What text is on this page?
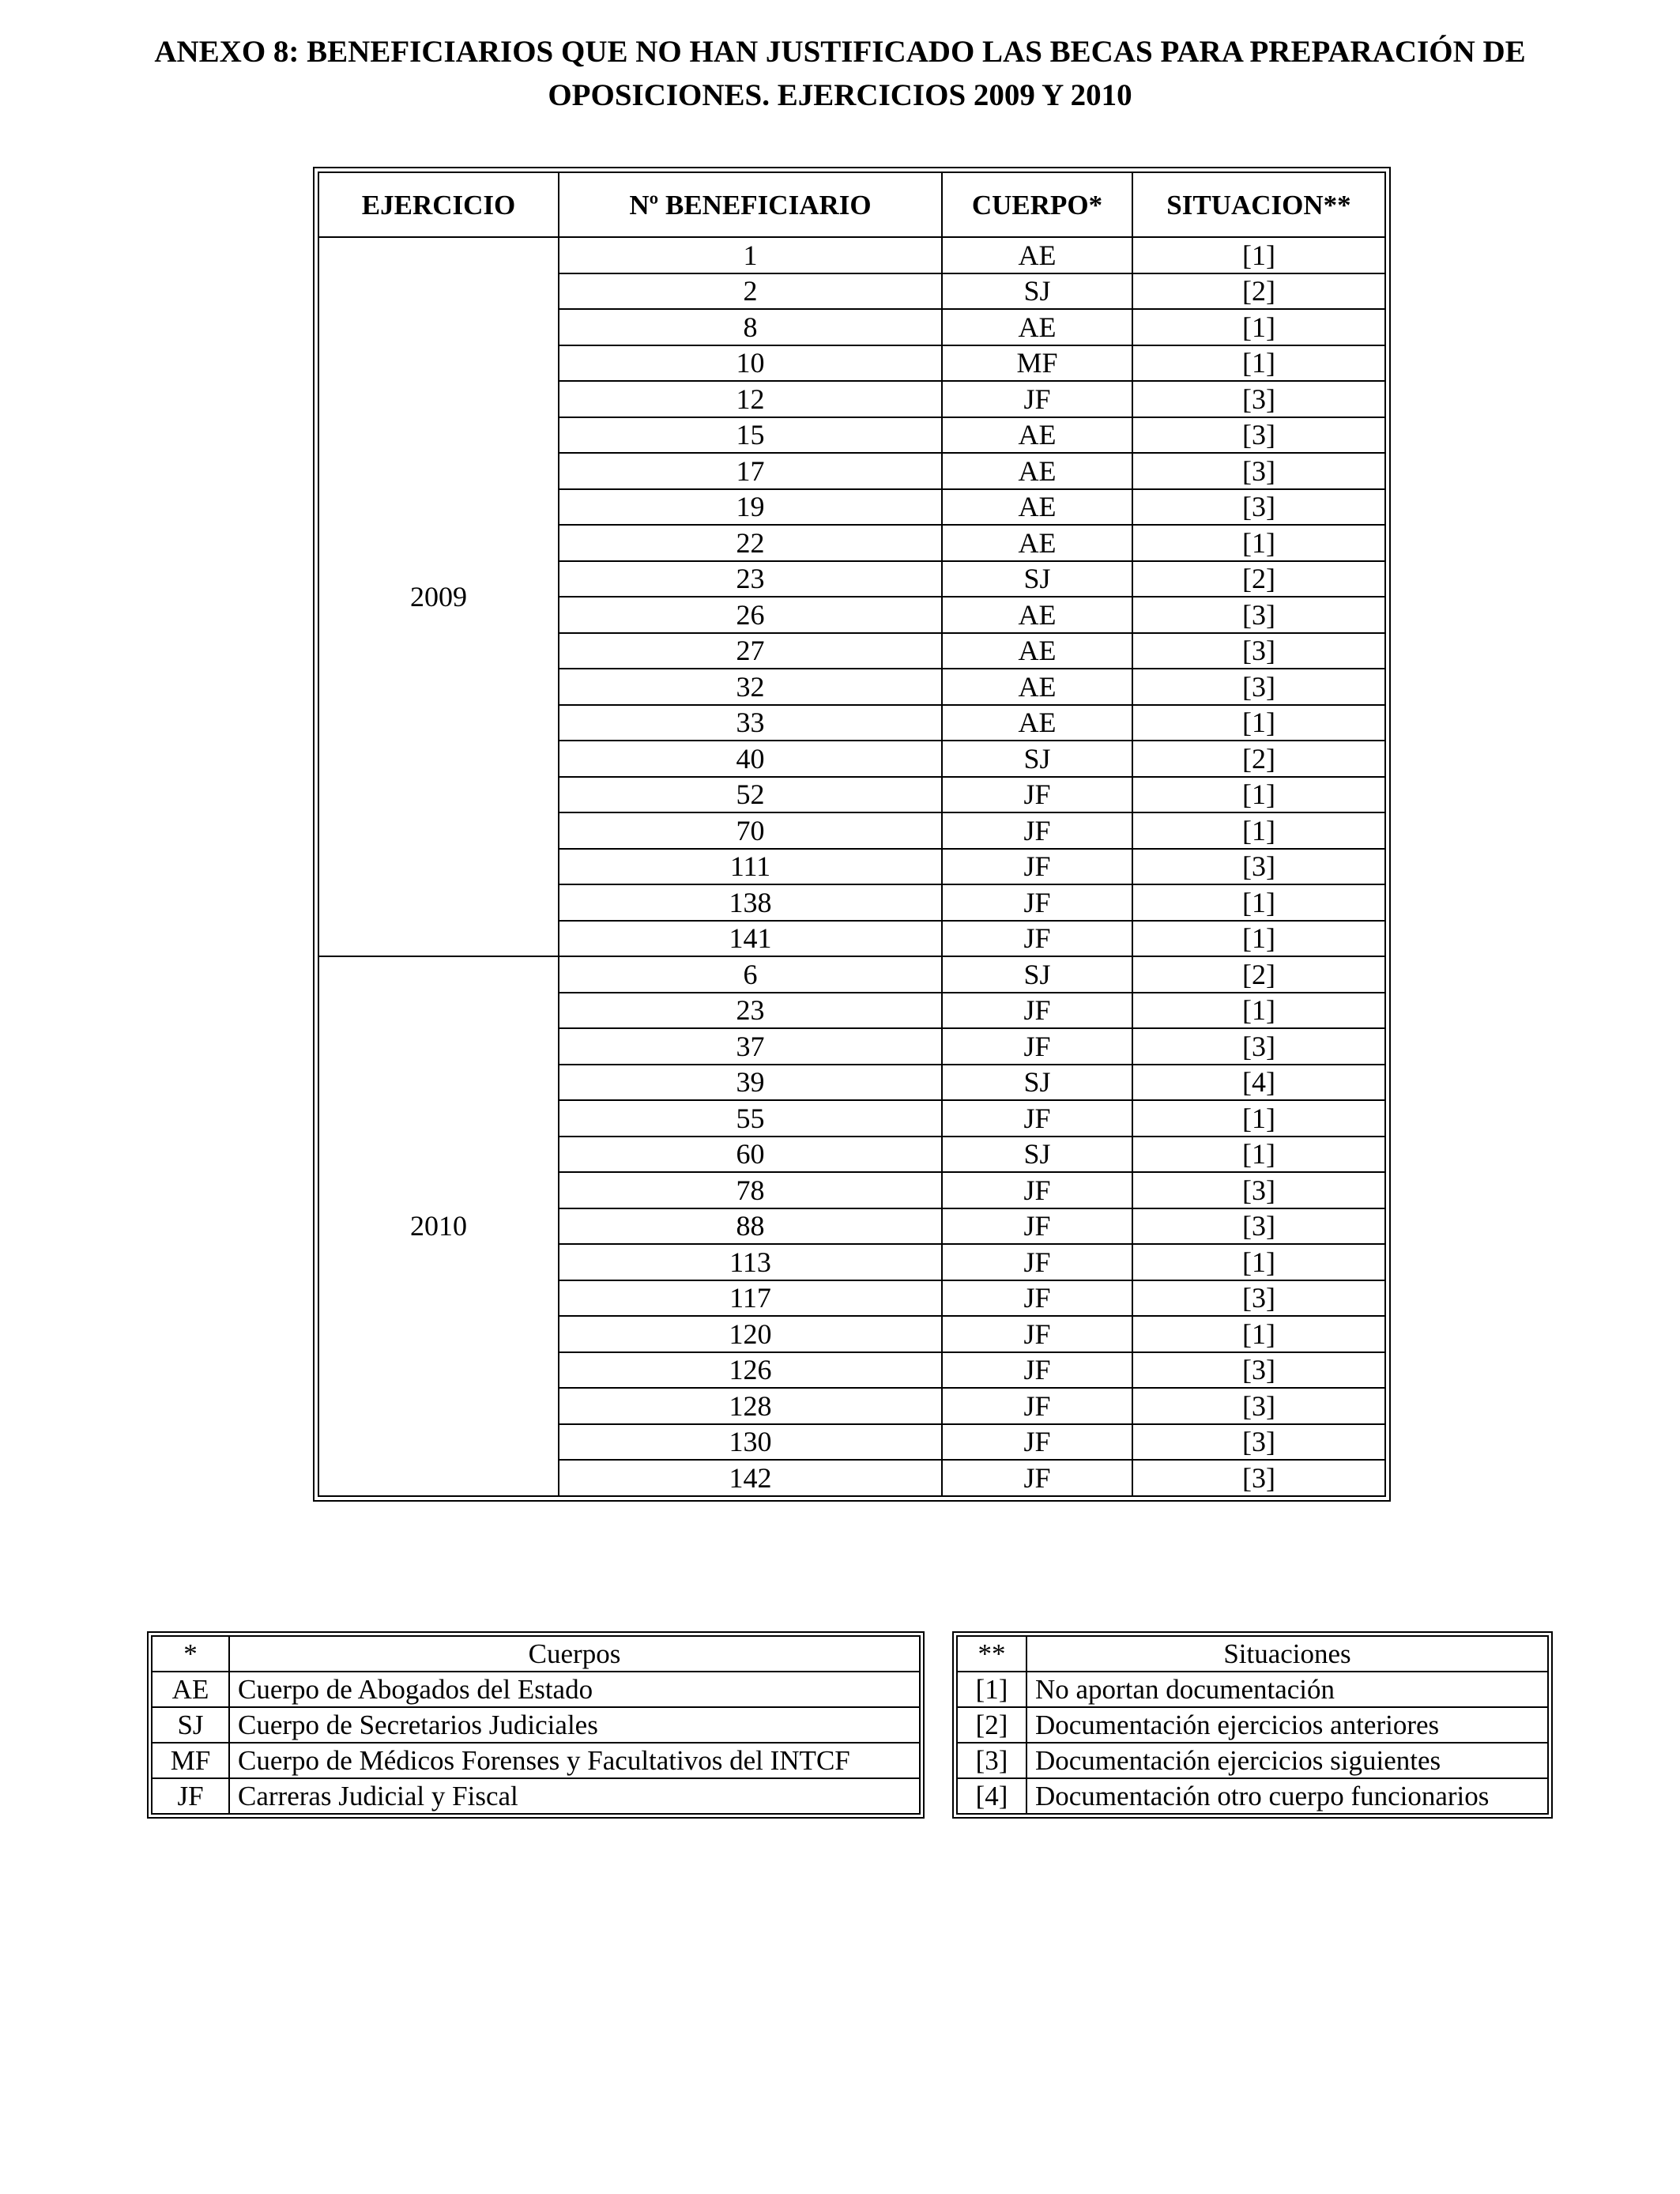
ANEXO 8: BENEFICIARIOS QUE NO HAN JUSTIFICADO LAS BECAS PARA PREPARACIÓN DE
OPOSICIONES. EJERCICIOS 2009 Y 2010
EJERCICIO	Nº BENEFICIARIO	CUERPO*	SITUACION**
2009	1	AE	[1]
	2	SJ	[2]
	8	AE	[1]
	10	MF	[1]
	12	JF	[3]
	15	AE	[3]
	17	AE	[3]
	19	AE	[3]
	22	AE	[1]
	23	SJ	[2]
	26	AE	[3]
	27	AE	[3]
	32	AE	[3]
	33	AE	[1]
	40	SJ	[2]
	52	JF	[1]
	70	JF	[1]
	111	JF	[3]
	138	JF	[1]
	141	JF	[1]
2010	6	SJ	[2]
	23	JF	[1]
	37	JF	[3]
	39	SJ	[4]
	55	JF	[1]
	60	SJ	[1]
	78	JF	[3]
	88	JF	[3]
	113	JF	[1]
	117	JF	[3]
	120	JF	[1]
	126	JF	[3]
	128	JF	[3]
	130	JF	[3]
	142	JF	[3]
*	Cuerpos
AE	Cuerpo de Abogados del Estado
SJ	Cuerpo de Secretarios Judiciales
MF	Cuerpo de Médicos Forenses y Facultativos del INTCF
JF	Carreras Judicial y Fiscal
**	Situaciones
[1]	No aportan documentación
[2]	Documentación ejercicios anteriores
[3]	Documentación ejercicios siguientes
[4]	Documentación otro cuerpo funcionarios
